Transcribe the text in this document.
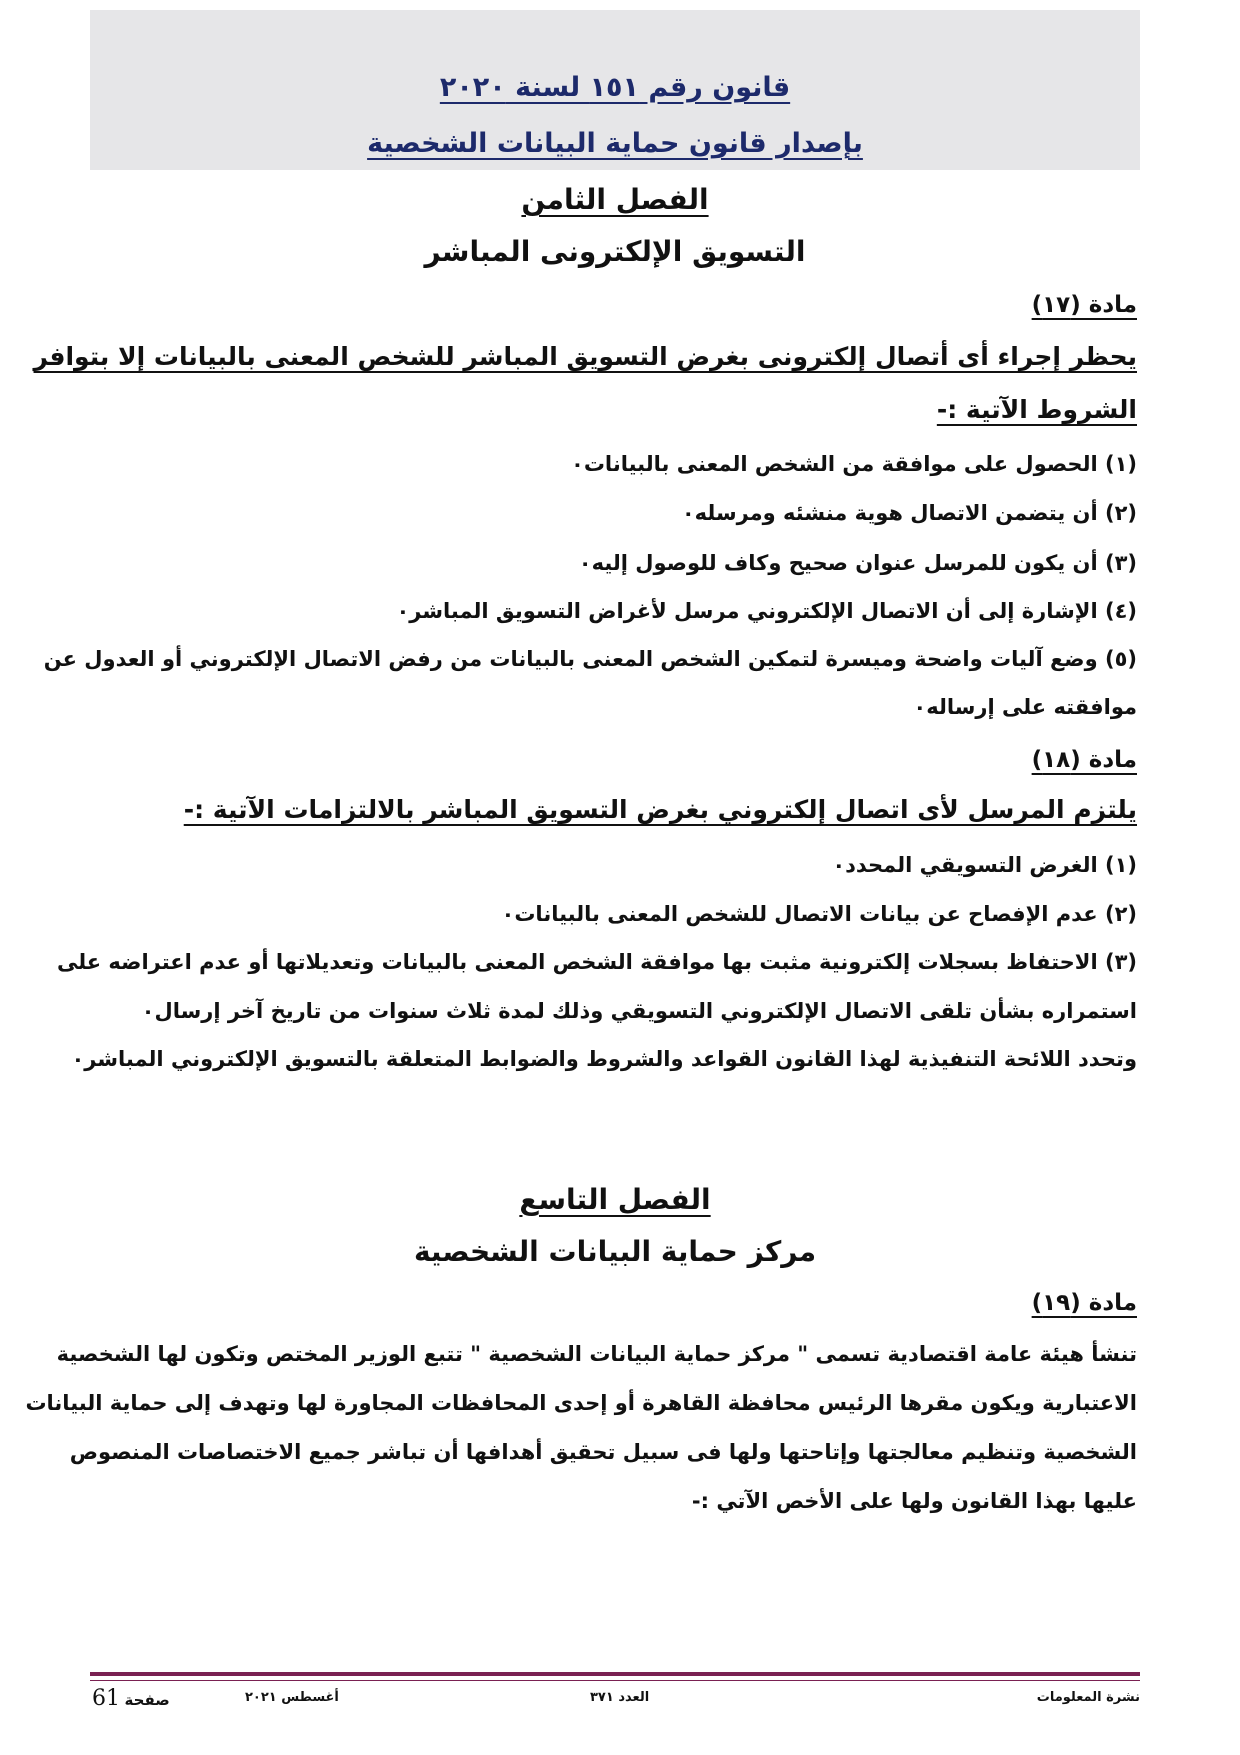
قانون رقم ١٥١ لسنة ٢٠٢٠
بإصدار قانون حماية البيانات الشخصية
الفصل الثامن
التسويق الإلكترونى المباشر
مادة (١٧)
يحظر إجراء أى أتصال إلكترونى بغرض التسويق المباشر للشخص المعنى بالبيانات إلا بتوافر
الشروط الآتية :-
(١) الحصول على موافقة من الشخص المعنى بالبيانات٠
(٢) أن يتضمن الاتصال هوية منشئه ومرسله٠
(٣) أن يكون للمرسل عنوان صحيح وكاف للوصول إليه٠
(٤) الإشارة إلى أن الاتصال الإلكتروني مرسل لأغراض التسويق المباشر٠
(٥) وضع آليات واضحة وميسرة لتمكين الشخص المعنى بالبيانات من رفض الاتصال الإلكتروني أو العدول عن
موافقته على إرساله٠
مادة (١٨)
يلتزم المرسل لأى اتصال إلكتروني بغرض التسويق المباشر بالالتزامات الآتية :-
(١) الغرض التسويقي المحدد٠
(٢) عدم الإفصاح عن بيانات الاتصال للشخص المعنى بالبيانات٠
(٣) الاحتفاظ بسجلات إلكترونية مثبت بها موافقة الشخص المعنى بالبيانات وتعديلاتها أو عدم اعتراضه على
استمراره بشأن تلقى الاتصال الإلكتروني التسويقي وذلك لمدة ثلاث سنوات من تاريخ آخر إرسال٠
وتحدد اللائحة التنفيذية لهذا القانون القواعد والشروط والضوابط المتعلقة بالتسويق الإلكتروني المباشر٠
الفصل التاسع
مركز حماية البيانات الشخصية
مادة (١٩)
تنشأ هيئة عامة اقتصادية تسمى " مركز حماية البيانات الشخصية " تتبع الوزير المختص وتكون لها الشخصية
الاعتبارية ويكون مقرها الرئيس محافظة القاهرة أو إحدى المحافظات المجاورة لها وتهدف إلى حماية البيانات
الشخصية وتنظيم معالجتها وإتاحتها ولها فى سبيل تحقيق أهدافها أن تباشر جميع الاختصاصات المنصوص
عليها بهذا القانون ولها على الأخص الآتي :-
نشرة المعلومات
العدد ٣٧١
أغسطس ٢٠٢١
صفحة 61
